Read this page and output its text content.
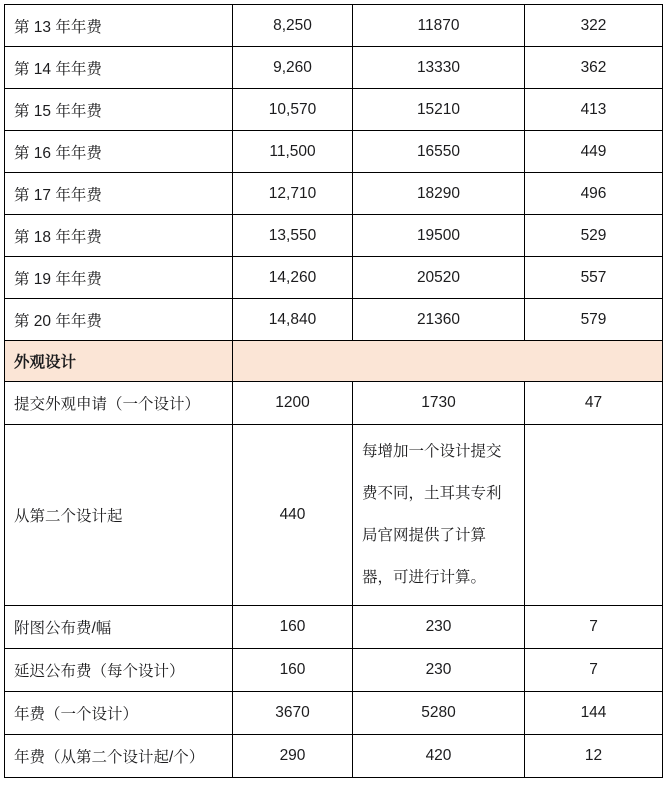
第 13 年年费	8,250	11870	322
第 14 年年费	9,260	13330	362
第 15 年年费	10,570	15210	413
第 16 年年费	11,500	16550	449
第 17 年年费	12,710	18290	496
第 18 年年费	13,550	19500	529
第 19 年年费	14,260	20520	557
第 20 年年费	14,840	21360	579
外观设计			
提交外观申请（一个设计）	1200	1730	47
从第二个设计起	440	每增加一个设计提交费不同，土耳其专利局官网提供了计算器，可进行计算。	
附图公布费/幅	160	230	7
延迟公布费（每个设计）	160	230	7
年费（一个设计）	3670	5280	144
年费（从第二个设计起/个）	290	420	12
